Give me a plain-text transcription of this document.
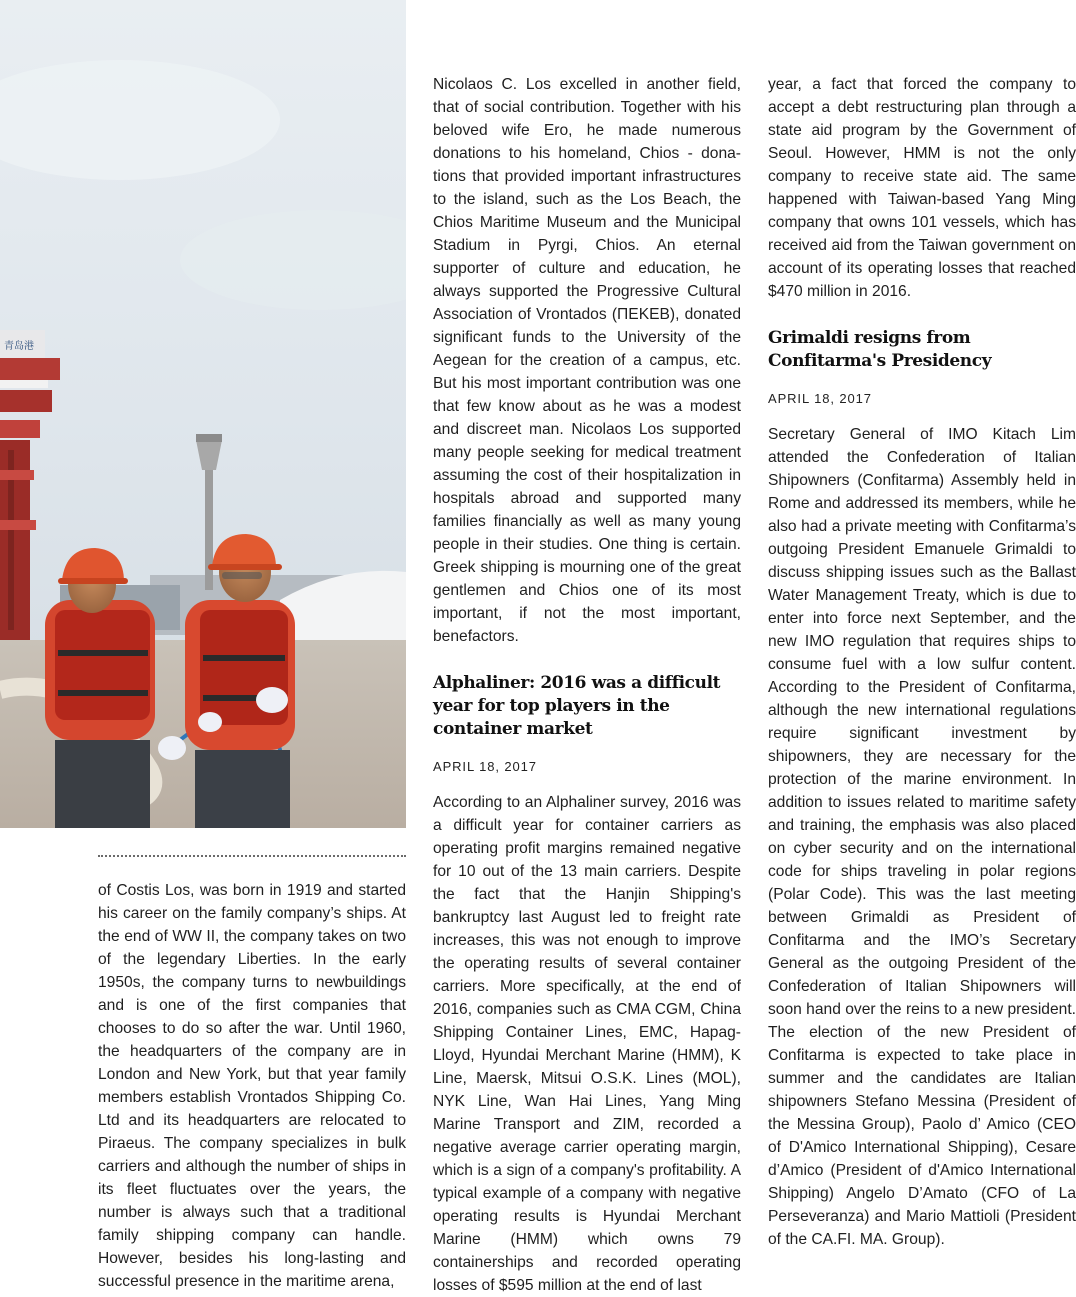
青岛港

of Costis Los, was born in 1919 and started his career on the family company’s ships. At the end of WW II, the company takes on two of the legendary Liberties. In the early 1950s, the company turns to newbuildings and is one of the first companies that chooses to do so after the war. Until 1960, the headquarters of the company are in London and New York, but that year family members establish Vrontados Shipping Co. Ltd and its headquarters are relocated to Piraeus. The company specializes in bulk carriers and although the number of ships in its fleet fluctuates over the years, the number is always such that a traditional family shipping company can handle. However, besides his long-lasting and successful presence in the maritime arena,

Nicolaos C. Los excelled in another field, that of social contribution. Together with his beloved wife Ero, he made numerous donations to his homeland, Chios - donations that provided important infrastructures to the island, such as the Los Beach, the Chios Maritime Museum and the Municipal Stadium in Pyrgi, Chios. An eternal supporter of culture and education, he always supported the Progressive Cultural Association of Vrontados (ΠΕΚΕΒ), donated significant funds to the University of the Aegean for the creation of a campus, etc. But his most important contribution was one that few know about as he was a modest and discreet man. Nicolaos Los supported many people seeking for medical treatment assuming the cost of their hospitalization in hospitals abroad and supported many families financially as well as many young people in their studies. One thing is certain. Greek shipping is mourning one of the great gentlemen and Chios one of its most important, if not the most important, benefactors.

Alphaliner: 2016 was a difficult year for top players in the container market
APRIL 18, 2017

According to an Alphaliner survey, 2016 was a difficult year for container carriers as operating profit margins remained negative for 10 out of the 13 main carriers. Despite the fact that the Hanjin Shipping's bankruptcy last August led to freight rate increases, this was not enough to improve the operating results of several container carriers. More specifically, at the end of 2016, companies such as CMA CGM, China Shipping Container Lines, EMC, Hapag-Lloyd, Hyundai Merchant Marine (HMM), K Line, Maersk, Mitsui O.S.K. Lines (MOL), NYK Line, Wan Hai Lines, Yang Ming Marine Transport and ZIM, recorded a negative average carrier operating margin, which is a sign of a company's profitability. A typical example of a company with negative operating results is Hyundai Merchant Marine (HMM) which owns 79 containerships and recorded operating losses of $595 million at the end of last

year, a fact that forced the company to accept a debt restructuring plan through a state aid program by the Government of Seoul. However, HMM is not the only company to receive state aid. The same happened with Taiwan-based Yang Ming company that owns 101 vessels, which has received aid from the Taiwan government on account of its operating losses that reached $470 million in 2016.

Grimaldi resigns from Confitarma's Presidency
APRIL 18, 2017

Secretary General of IMO Kitach Lim attended the Confederation of Italian Shipowners (Confitarma) Assembly held in Rome and addressed its members, while he also had a private meeting with Confitarma’s outgoing President Emanuele Grimaldi to discuss shipping issues such as the Ballast Water Management Treaty, which is due to enter into force next September, and the new IMO regulation that requires ships to consume fuel with a low sulfur content. According to the President of Confitarma, although the new international regulations require significant investment by shipowners, they are necessary for the protection of the marine environment. In addition to issues related to maritime safety and training, the emphasis was also placed on cyber security and on the international code for ships traveling in polar regions (Polar Code). This was the last meeting between Grimaldi as President of Confitarma and the IMO’s Secretary General as the outgoing President of the Confederation of Italian Shipowners will soon hand over the reins to a new president. The election of the new President of Confitarma is expected to take place in summer and the candidates are Italian shipowners Stefano Messina (President of the Messina Group), Paolo d’ Amico (CEO of D'Amico International Shipping), Cesare d’Amico (President of d'Amico International Shipping) Angelo D’Amato (CFO of La Perseveranza) and Mario Mattioli (President of the CA.FI. MA. Group).
